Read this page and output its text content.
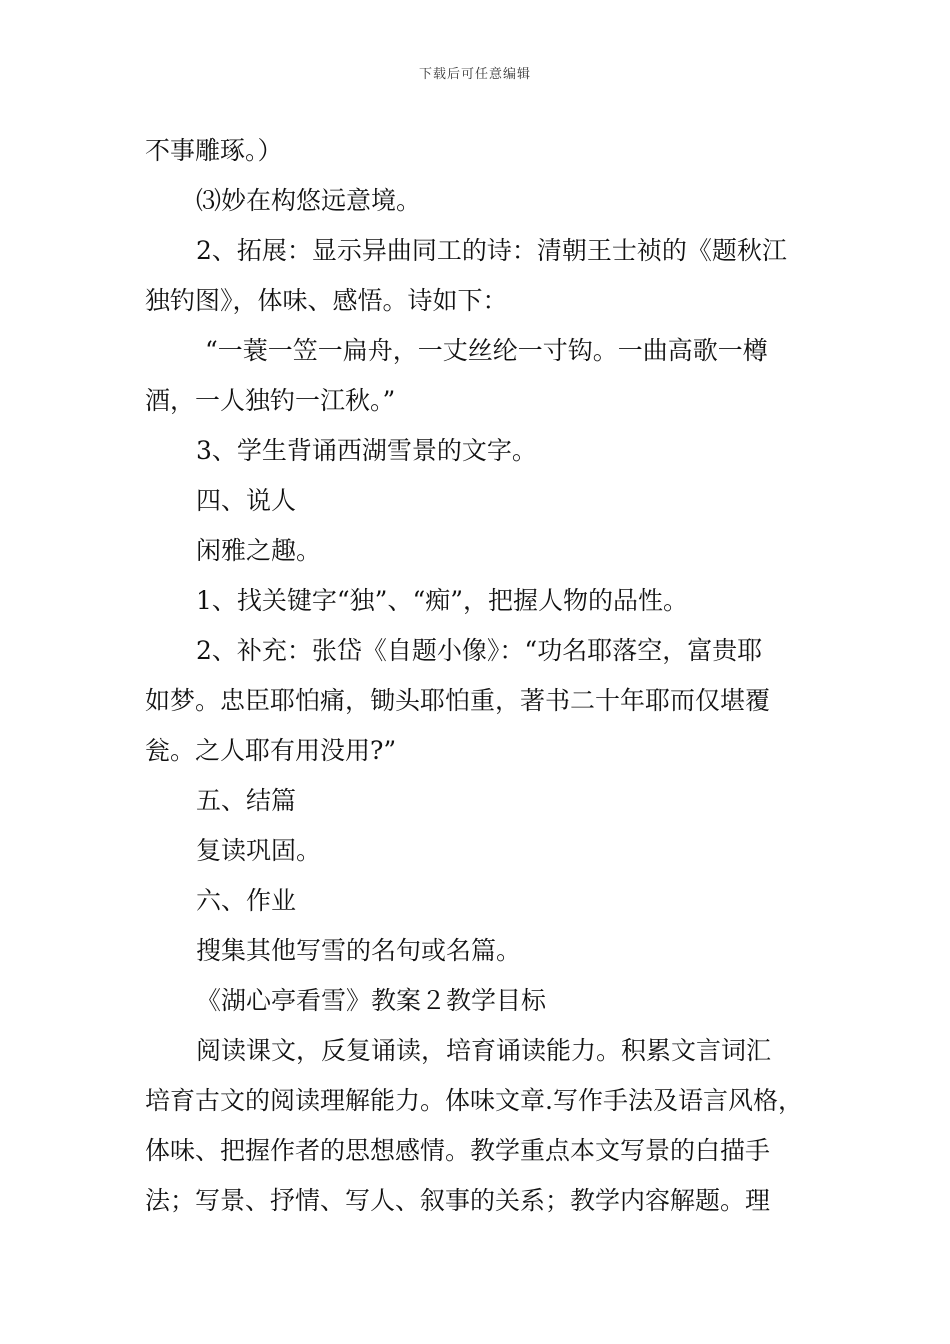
下载后可任意编辑

不事雕琢。）

⑶妙在构悠远意境。

2、拓展：显示异曲同工的诗：清朝王士祯的《题秋江

独钓图》，体味、感悟。诗如下：

“一蓑一笠一扁舟，一丈丝纶一寸钩。一曲高歌一樽

酒，一人独钓一江秋。”

3、学生背诵西湖雪景的文字。

四、说人

闲雅之趣。

1、找关键字“独”、“痴”，把握人物的品性。

2、补充：张岱《自题小像》：“功名耶落空，富贵耶

如梦。忠臣耶怕痛，锄头耶怕重，著书二十年耶而仅堪覆

瓮。之人耶有用没用?”

五、结篇

复读巩固。

六、作业

搜集其他写雪的名句或名篇。

《湖心亭看雪》教案２教学目标

阅读课文，反复诵读，培育诵读能力。积累文言词汇

培育古文的阅读理解能力。体味文章.写作手法及语言风格，

体味、把握作者的思想感情。教学重点本文写景的白描手

法；写景、抒情、写人、叙事的关系；教学内容解题。理
